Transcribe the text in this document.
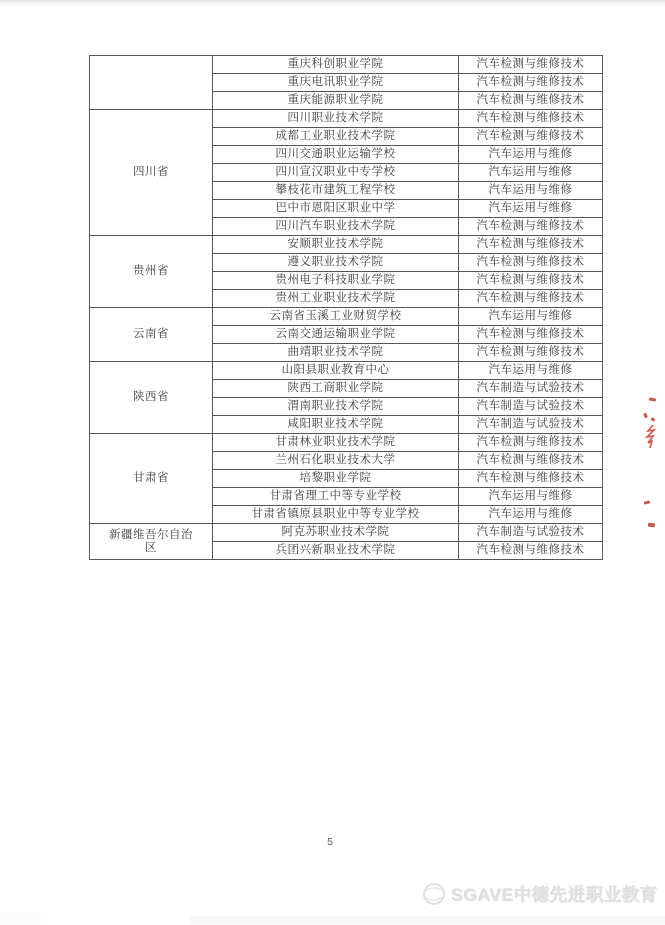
	重庆科创职业学院	汽车检测与维修技术
	重庆电讯职业学院	汽车检测与维修技术
	重庆能源职业学院	汽车检测与维修技术
四川省	四川职业技术学院	汽车检测与维修技术
	成都工业职业技术学院	汽车检测与维修技术
	四川交通职业运输学校	汽车运用与维修
	四川宣汉职业中专学校	汽车运用与维修
	攀枝花市建筑工程学校	汽车运用与维修
	巴中市恩阳区职业中学	汽车运用与维修
	四川汽车职业技术学院	汽车检测与维修技术
贵州省	安顺职业技术学院	汽车检测与维修技术
	遵义职业技术学院	汽车检测与维修技术
	贵州电子科技职业学院	汽车检测与维修技术
	贵州工业职业技术学院	汽车检测与维修技术
云南省	云南省玉溪工业财贸学校	汽车运用与维修
	云南交通运输职业学院	汽车检测与维修技术
	曲靖职业技术学院	汽车检测与维修技术
陕西省	山阳县职业教育中心	汽车运用与维修
	陕西工商职业学院	汽车制造与试验技术
	渭南职业技术学院	汽车制造与试验技术
	咸阳职业技术学院	汽车制造与试验技术
甘肃省	甘肃林业职业技术学院	汽车检测与维修技术
	兰州石化职业技术大学	汽车检测与维修技术
	培黎职业学院	汽车检测与维修技术
	甘肃省理工中等专业学校	汽车运用与维修
	甘肃省镇原县职业中等专业学校	汽车运用与维修
新疆维吾尔自治区	阿克苏职业技术学院	汽车制造与试验技术
	兵团兴新职业技术学院	汽车检测与维修技术
5
SGAVE中德先进职业教育
